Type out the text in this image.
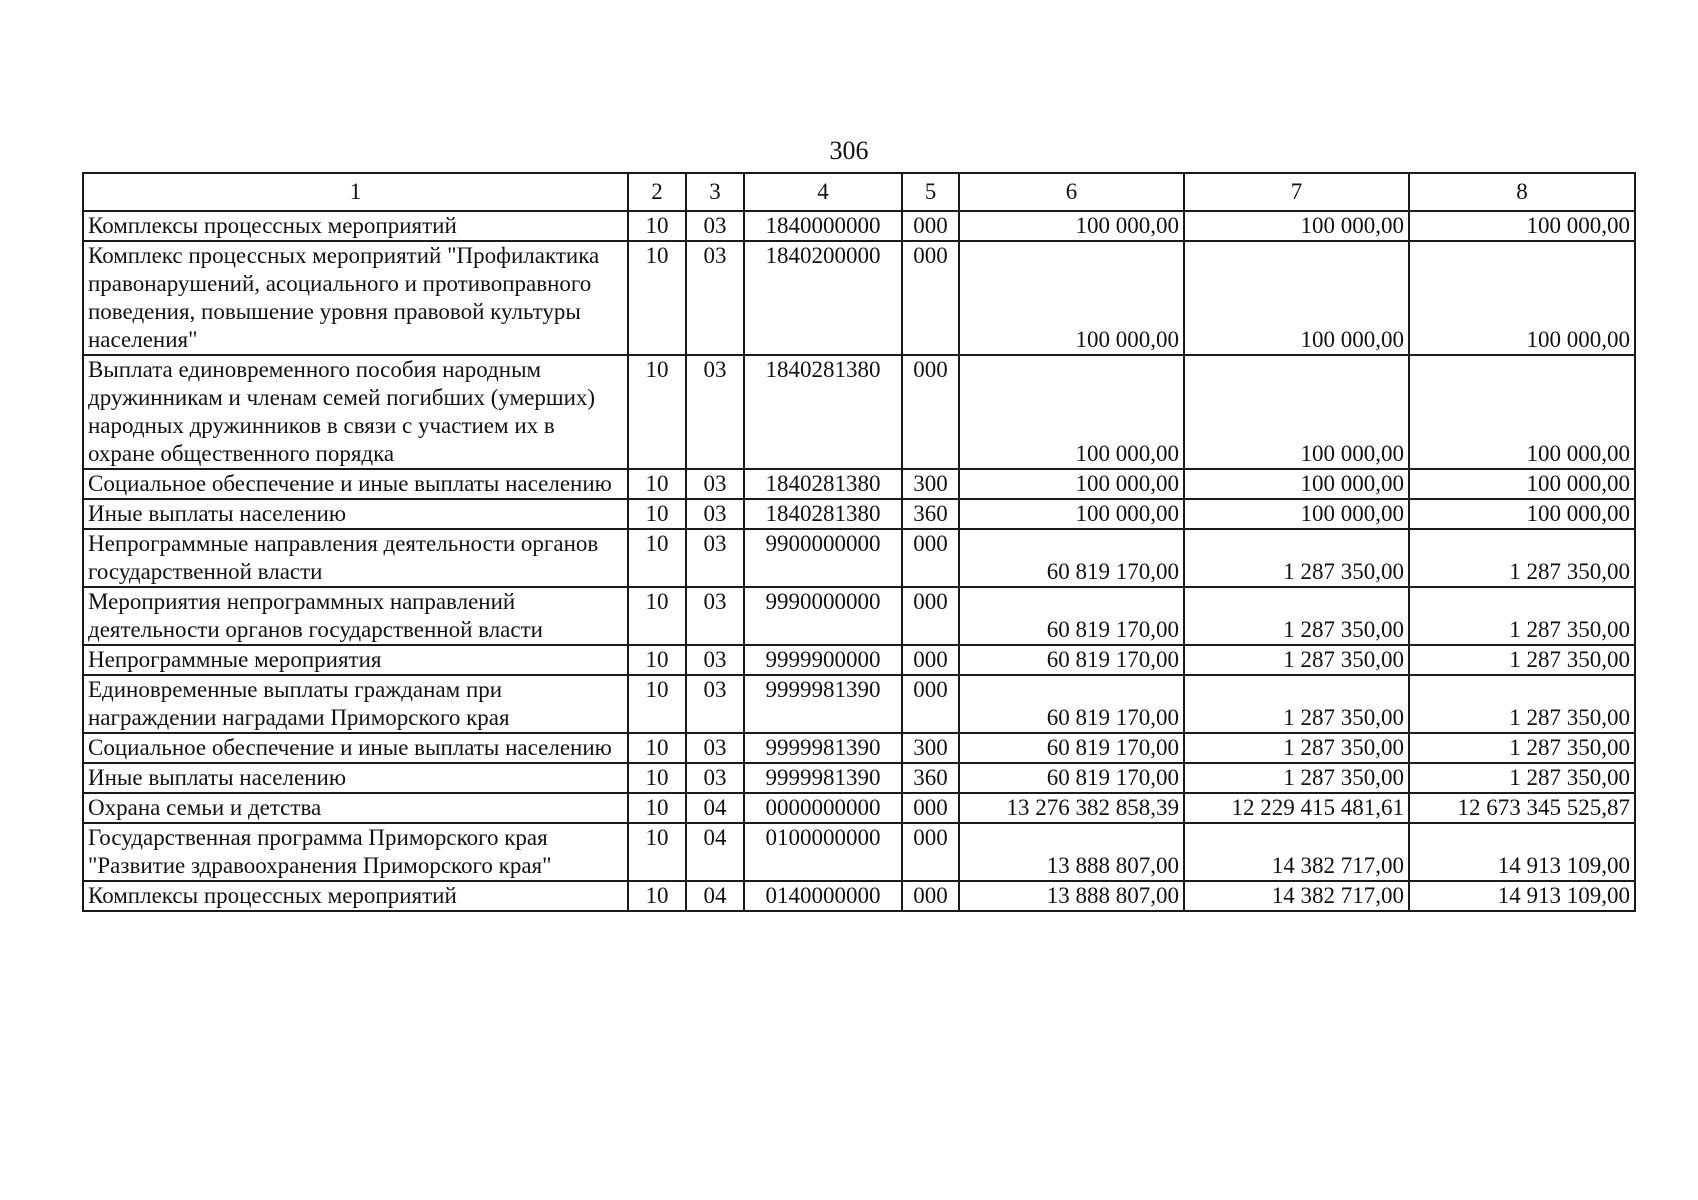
306
1	2	3	4	5	6	7	8
Комплексы процессных мероприятий	10	03	1840000000	000	100 000,00	100 000,00	100 000,00
Комплекс процессных мероприятий "Профилактика правонарушений, асоциального и противоправного поведения, повышение уровня правовой культуры населения"	10	03	1840200000	000	100 000,00	100 000,00	100 000,00
Выплата единовременного пособия народным дружинникам и членам семей погибших (умерших) народных дружинников в связи с участием их в охране общественного порядка	10	03	1840281380	000	100 000,00	100 000,00	100 000,00
Социальное обеспечение и иные выплаты населению	10	03	1840281380	300	100 000,00	100 000,00	100 000,00
Иные выплаты населению	10	03	1840281380	360	100 000,00	100 000,00	100 000,00
Непрограммные направления деятельности органов государственной власти	10	03	9900000000	000	60 819 170,00	1 287 350,00	1 287 350,00
Мероприятия непрограммных направлений деятельности органов государственной власти	10	03	9990000000	000	60 819 170,00	1 287 350,00	1 287 350,00
Непрограммные мероприятия	10	03	9999900000	000	60 819 170,00	1 287 350,00	1 287 350,00
Единовременные выплаты гражданам при награждении наградами Приморского края	10	03	9999981390	000	60 819 170,00	1 287 350,00	1 287 350,00
Социальное обеспечение и иные выплаты населению	10	03	9999981390	300	60 819 170,00	1 287 350,00	1 287 350,00
Иные выплаты населению	10	03	9999981390	360	60 819 170,00	1 287 350,00	1 287 350,00
Охрана семьи и детства	10	04	0000000000	000	13 276 382 858,39	12 229 415 481,61	12 673 345 525,87
Государственная программа Приморского края "Развитие здравоохранения Приморского края"	10	04	0100000000	000	13 888 807,00	14 382 717,00	14 913 109,00
Комплексы процессных мероприятий	10	04	0140000000	000	13 888 807,00	14 382 717,00	14 913 109,00
